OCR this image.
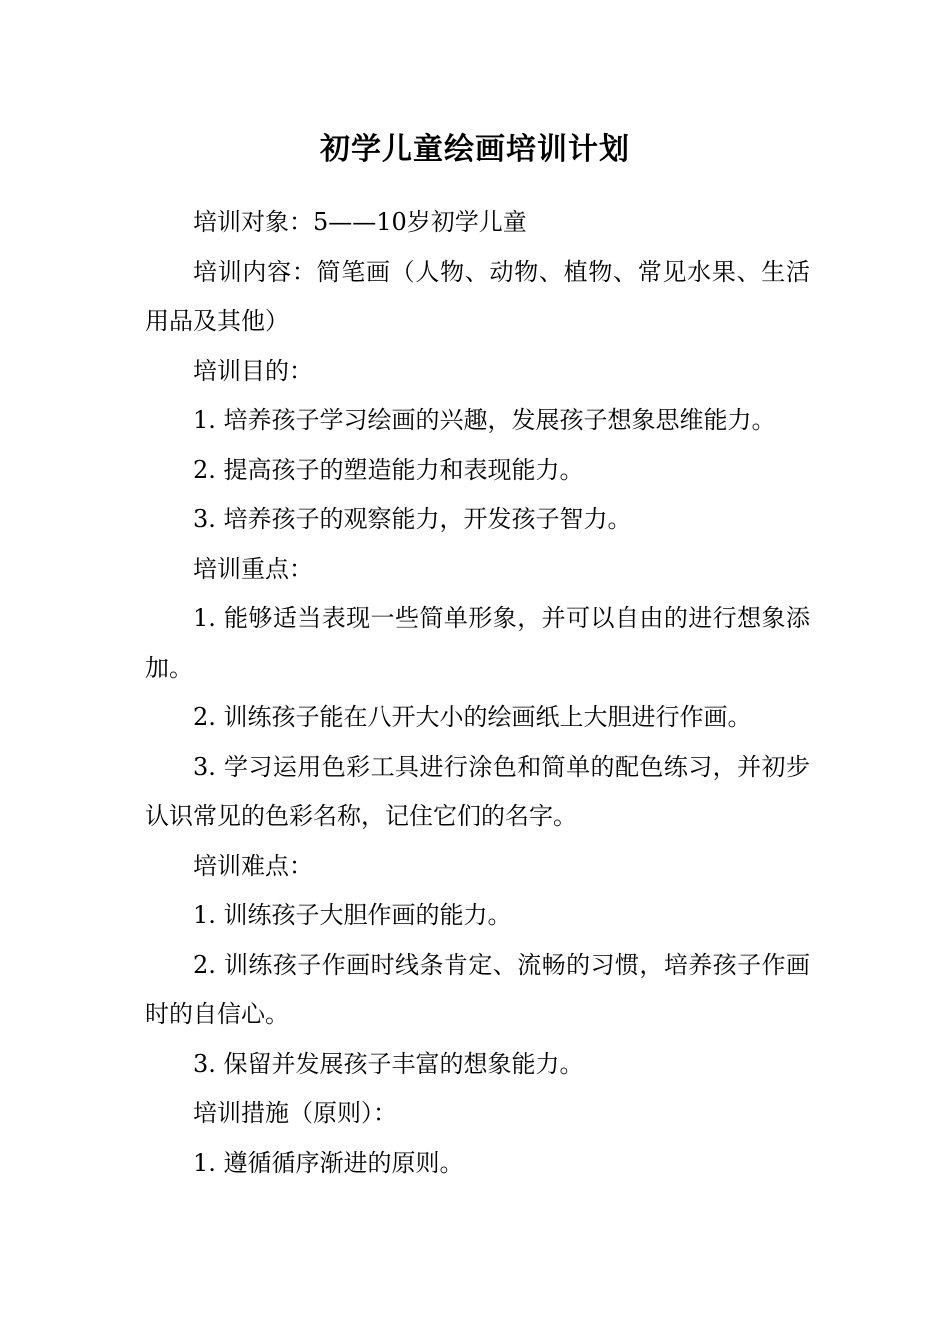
初学儿童绘画培训计划

培训对象：5——10岁初学儿童

培训内容：简笔画（人物、动物、植物、常见水果、生活用品及其他）

培训目的：

1. 培养孩子学习绘画的兴趣，发展孩子想象思维能力。

2. 提高孩子的塑造能力和表现能力。

3. 培养孩子的观察能力，开发孩子智力。

培训重点：

1. 能够适当表现一些简单形象，并可以自由的进行想象添加。

2. 训练孩子能在八开大小的绘画纸上大胆进行作画。

3. 学习运用色彩工具进行涂色和简单的配色练习，并初步认识常见的色彩名称，记住它们的名字。

培训难点：

1. 训练孩子大胆作画的能力。

2. 训练孩子作画时线条肯定、流畅的习惯，培养孩子作画时的自信心。

3. 保留并发展孩子丰富的想象能力。

培训措施（原则）：

1. 遵循循序渐进的原则。
